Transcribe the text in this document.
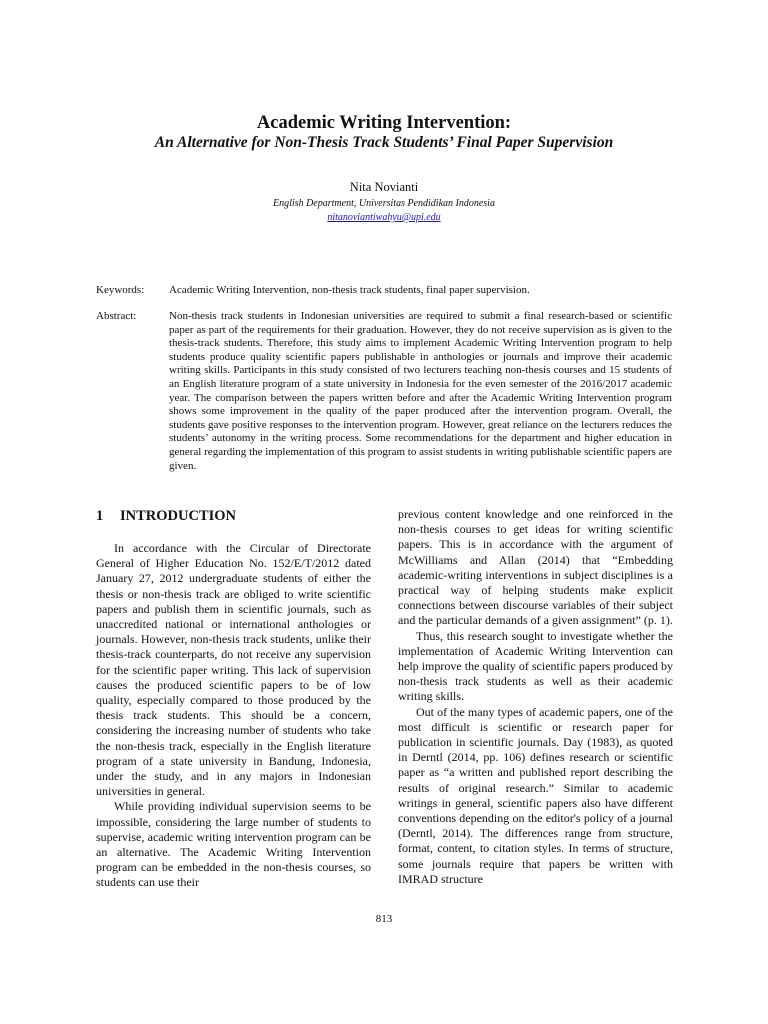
Academic Writing Intervention:
An Alternative for Non-Thesis Track Students’ Final Paper Supervision
Nita Novianti
English Department, Universitas Pendidikan Indonesia
nitanoviantiwahyu@upi.edu
Keywords: Academic Writing Intervention, non-thesis track students, final paper supervision.
Abstract:	Non-thesis track students in Indonesian universities are required to submit a final research-based or scientific paper as part of the requirements for their graduation. However, they do not receive supervision as is given to the thesis-track students. Therefore, this study aims to implement Academic Writing Intervention program to help students produce quality scientific papers publishable in anthologies or journals and improve their academic writing skills. Participants in this study consisted of two lecturers teaching non-thesis courses and 15 students of an English literature program of a state university in Indonesia for the even semester of the 2016/2017 academic year. The comparison between the papers written before and after the Academic Writing Intervention program shows some improvement in the quality of the paper produced after the intervention program. Overall, the students gave positive responses to the intervention program. However, great reliance on the lecturers reduces the students’ autonomy in the writing process. Some recommendations for the department and higher education in general regarding the implementation of this program to assist students in writing publishable scientific papers are given.
1 INTRODUCTION

In accordance with the Circular of Directorate General of Higher Education No. 152/E/T/2012 dated January 27, 2012 undergraduate students of either the thesis or non-thesis track are obliged to write scientific papers and publish them in scientific journals, such as unaccredited national or international anthologies or journals. However, non-thesis track students, unlike their thesis-track counterparts, do not receive any supervision for the scientific paper writing. This lack of supervision causes the produced scientific papers to be of low quality, especially compared to those produced by the thesis track students. This should be a concern, considering the increasing number of students who take the non-thesis track, especially in the English literature program of a state university in Bandung, Indonesia, under the study, and in any majors in Indonesian universities in general.

While providing individual supervision seems to be impossible, considering the large number of students to supervise, academic writing intervention program can be an alternative. The Academic Writing Intervention program can be embedded in the non-thesis courses, so students can use their

previous content knowledge and one reinforced in the non-thesis courses to get ideas for writing scientific papers. This is in accordance with the argument of McWilliams and Allan (2014) that “Embedding academic-writing interventions in subject disciplines is a practical way of helping students make explicit connections between discourse variables of their subject and the particular demands of a given assignment” (p. 1).

Thus, this research sought to investigate whether the implementation of Academic Writing Intervention can help improve the quality of scientific papers produced by non-thesis track students as well as their academic writing skills.

Out of the many types of academic papers, one of the most difficult is scientific or research paper for publication in scientific journals. Day (1983), as quoted in Derntl (2014, pp. 106) defines research or scientific paper as “a written and published report describing the results of original research.” Similar to academic writings in general, scientific papers also have different conventions depending on the editor's policy of a journal (Derntl, 2014). The differences range from structure, format, content, to citation styles. In terms of structure, some journals require that papers be written with IMRAD structure

813
